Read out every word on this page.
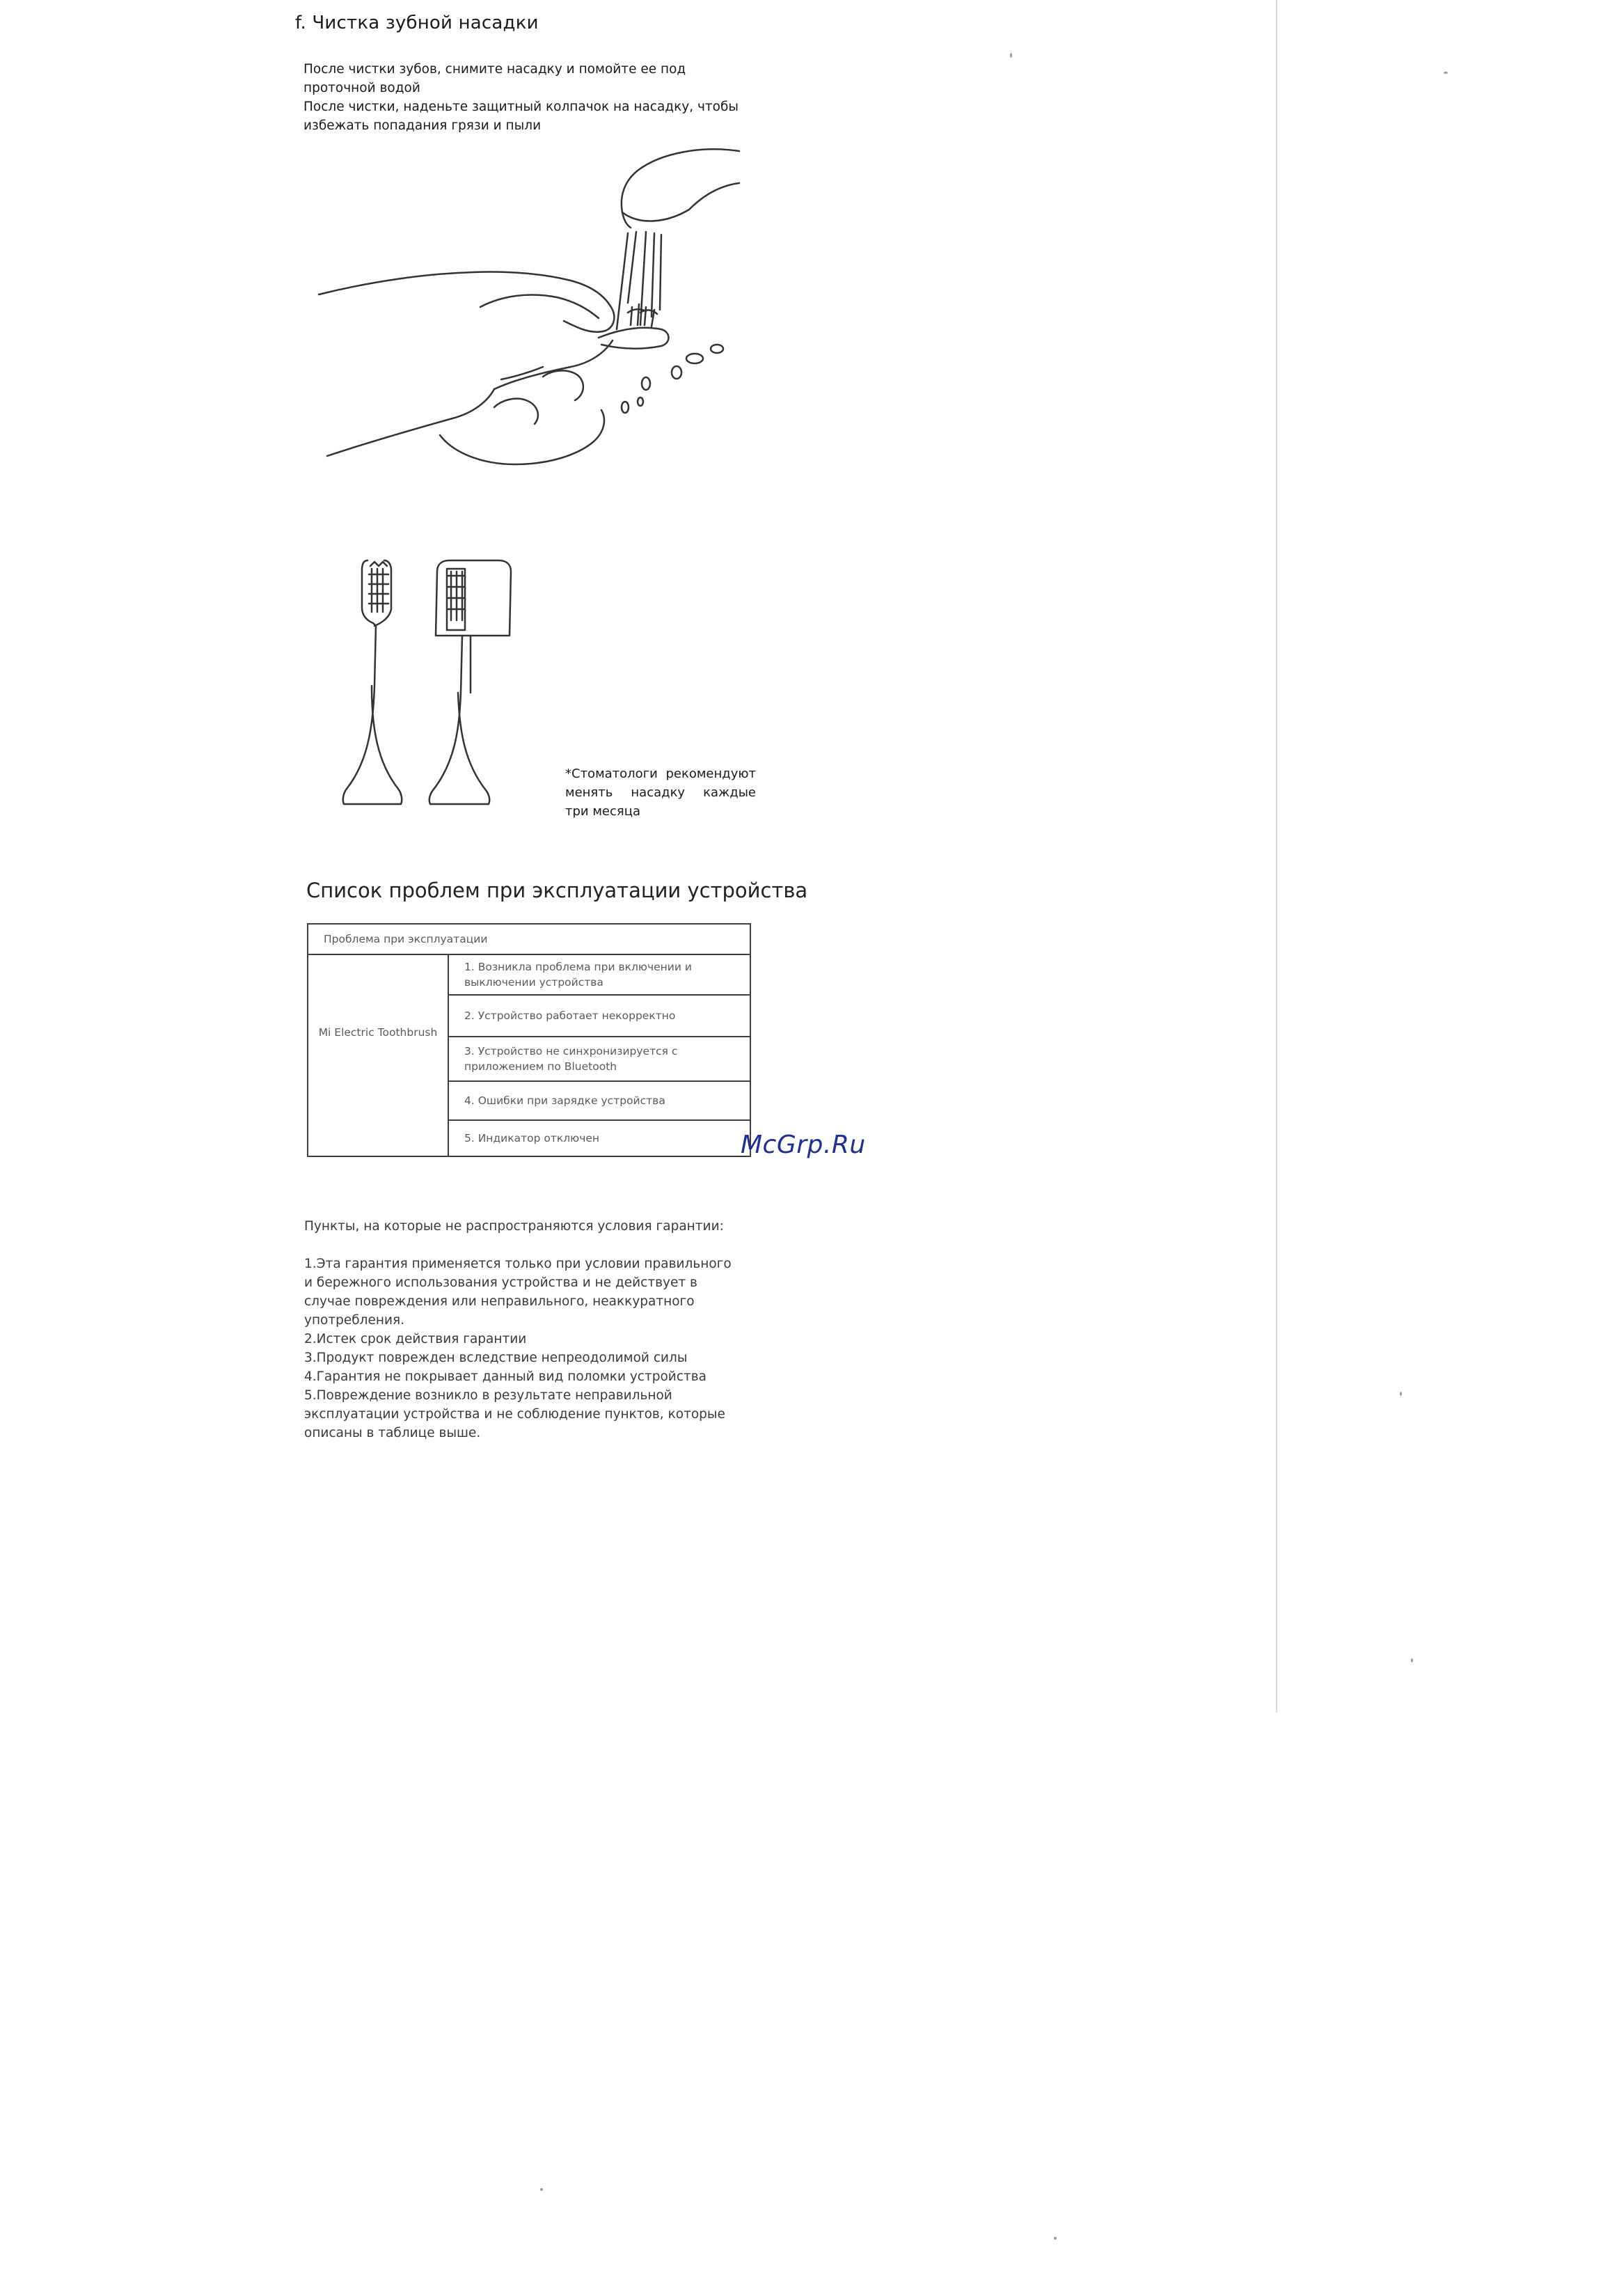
f. Чистка зубной насадки
После чистки зубов, снимите насадку и помойте ее под
проточной водой
После чистки, наденьте защитный колпачок на насадку, чтобы
избежать попадания грязи и пыли
*Стоматологи рекомендуют
менять насадку каждые
три месяца
Список проблем при эксплуатации устройства
Проблема при эксплуатации
Mi Electric Toothbrush	
1. Возникла проблема при включении и
выключении устройства

2. Устройство работает некорректно

3. Устройство не синхронизируется с
приложением по Bluetooth

4. Ошибки при зарядке устройства

5. Индикатор отключен	McGrp.Ru
Пункты, на которые не распространяются условия гарантии:
1.Эта гарантия применяется только при условии правильного
и бережного использования устройства и не действует в
случае повреждения или неправильного, неаккуратного
употребления.
2.Истек срок действия гарантии
3.Продукт поврежден вследствие непреодолимой силы
4.Гарантия не покрывает данный вид поломки устройства
5.Повреждение возникло в результате неправильной
эксплуатации устройства и не соблюдение пунктов, которые
описаны в таблице выше.
